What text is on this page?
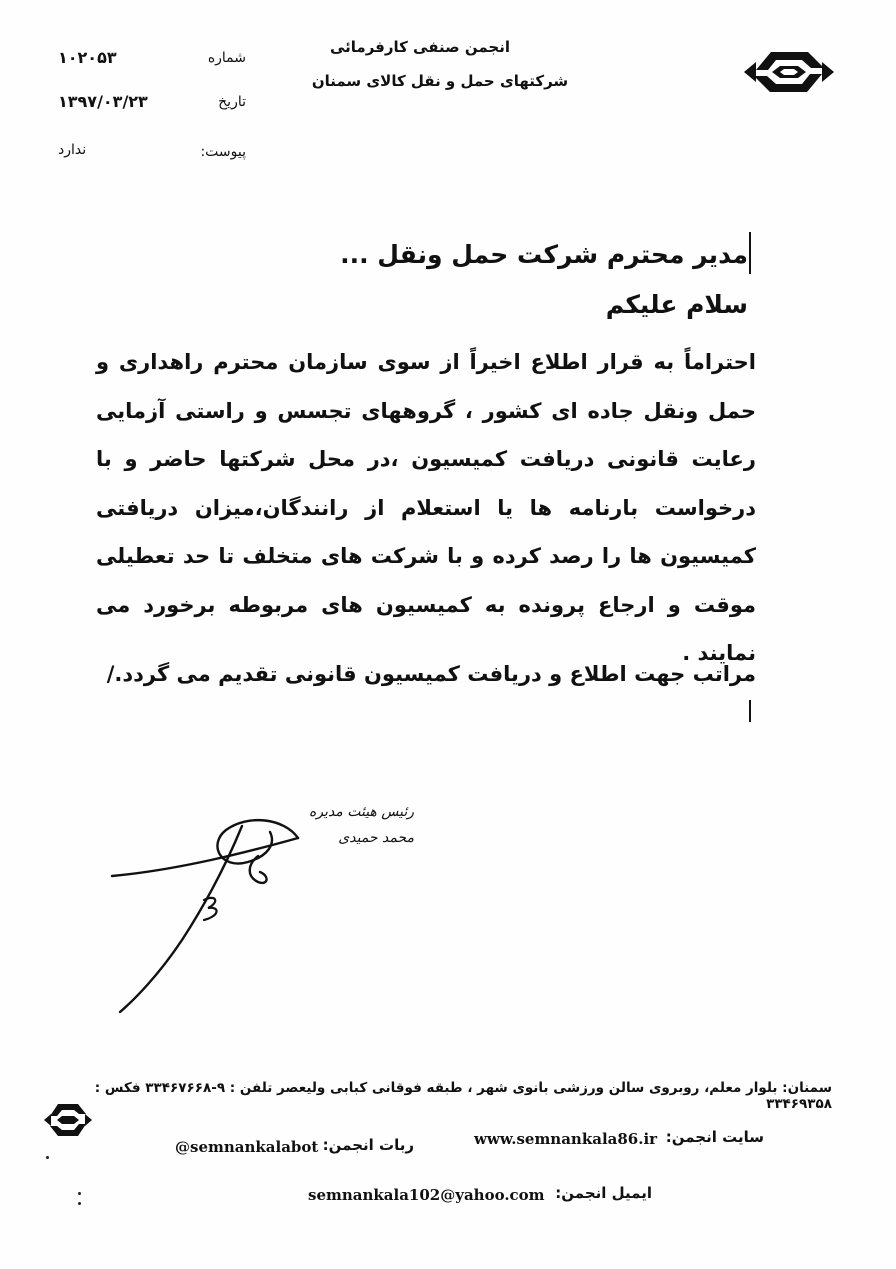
انجمن صنفی کارفرمائی
شرکتهای حمل و نقل کالای سمنان
شماره
تاریخ
پیوست:
۱۰۲۰۵۳
۱۳۹۷/۰۳/۲۳
ندارد
مدیر محترم شرکت حمل ونقل ...
سلام علیکم
احتراماً به قرار اطلاع اخیراً از سوی سازمان محترم راهداری و حمل ونقل جاده ای کشور ، گروههای تجسس و راستی آزمایی رعایت قانونی دریافت کمیسیون ،در محل شرکتها حاضر و با درخواست بارنامه ها یا استعلام از رانندگان،میزان دریافتی کمیسیون ها را رصد کرده و با شرکت های متخلف تا حد تعطیلی موقت و ارجاع پرونده به کمیسیون های مربوطه برخورد می نمایند .
مراتب جهت اطلاع و دریافت کمیسیون قانونی تقدیم می گردد./
رئیس هیئت مدیره
محمد حمیدی
سمنان: بلوار معلم، روبروی سالن ورزشی بانوی شهر ، طبقه فوقانی کبابی ولیعصر تلفن : ۹-۳۳۴۶۷۶۶۸ فکس : ۳۳۴۶۹۳۵۸
سایت انجمن:
www.semnankala86.ir
ربات انجمن:
@semnankalabot
ایمیل انجمن:
semnankala102@yahoo.com
